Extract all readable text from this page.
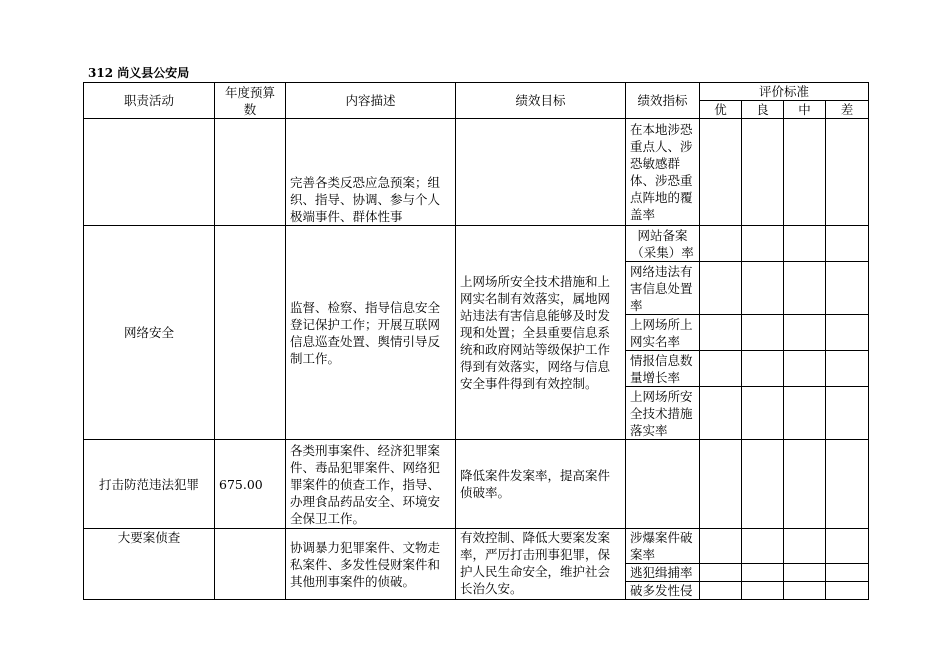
312 尚义县公安局
职责活动	年度预算数	内容描述	绩效目标	绩效指标	评价标准			
					优	良	中	差
		完善各类反恐应急预案；组织、指导、协调、参与个人极端事件、群体性事		在本地涉恐重点人、涉恐敏感群体、涉恐重点阵地的覆盖率				
网络安全		监督、检察、指导信息安全登记保护工作；开展互联网信息巡查处置、舆情引导反制工作。	上网场所安全技术措施和上网实名制有效落实，属地网站违法有害信息能够及时发现和处置；全县重要信息系统和政府网站等级保护工作得到有效落实，网络与信息安全事件得到有效控制。	网站备案（采集）率				
				网络违法有害信息处置率				
				上网场所上网实名率				
				情报信息数量增长率				
				上网场所安全技术措施落实率				
打击防范违法犯罪	675.00	各类刑事案件、经济犯罪案件、毒品犯罪案件、网络犯罪案件的侦查工作，指导、办理食品药品安全、环境安全保卫工作。	降低案件发案率，提高案件侦破率。					
大要案侦查		协调暴力犯罪案件、文物走私案件、多发性侵财案件和其他刑事案件的侦破。	有效控制、降低大要案发案率，严厉打击刑事犯罪，保护人民生命安全，维护社会长治久安。	涉爆案件破案率				
				逃犯缉捕率				
				破多发性侵				
